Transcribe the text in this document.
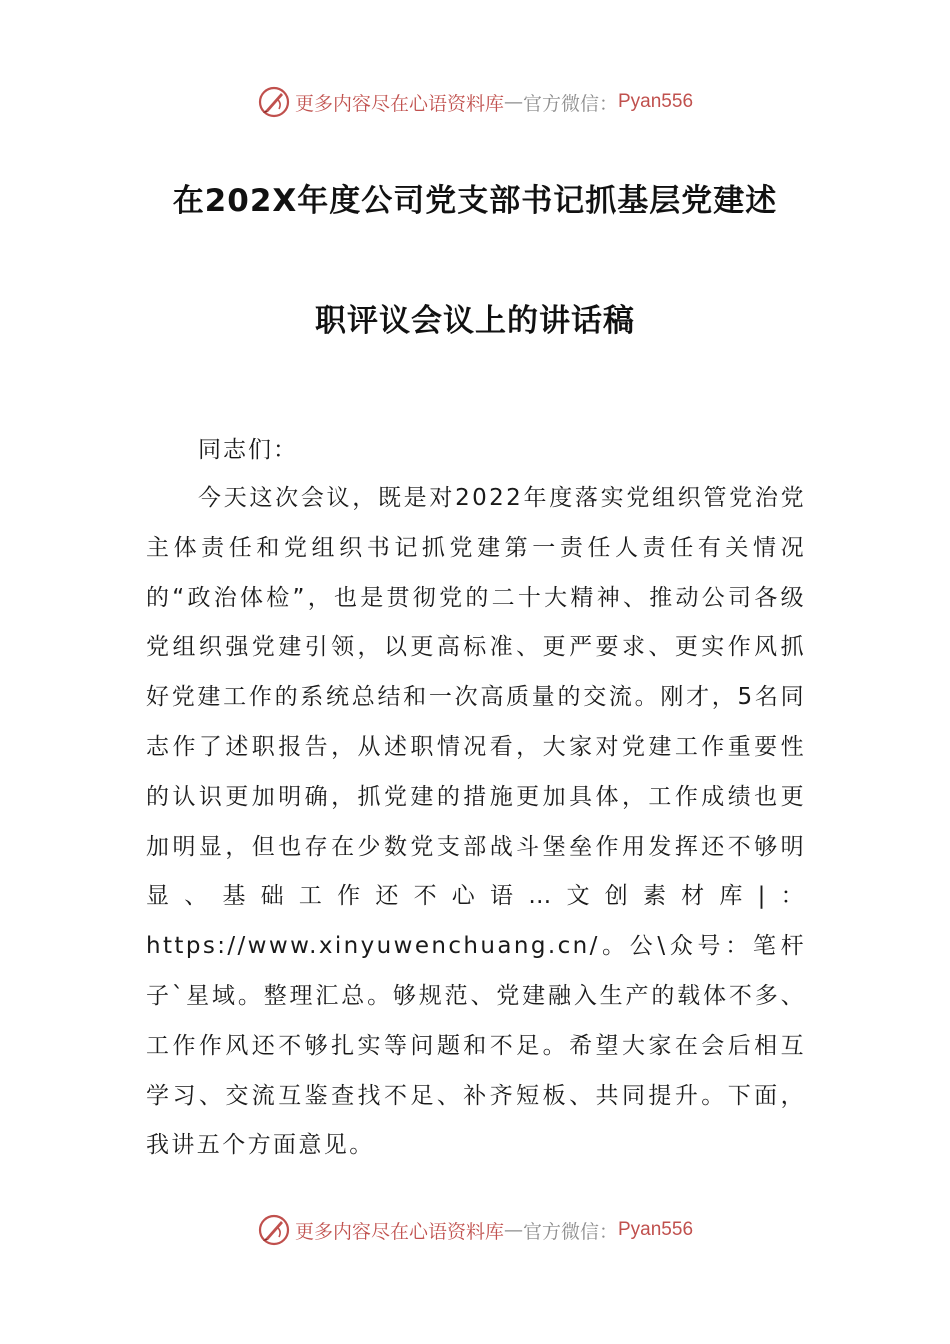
更多内容尽在心语资料库 — 官方微信： Pyan556
在202X年度公司党支部书记抓基层党建述
职评议会议上的讲话稿
同志们：
今天这次会议，既是对2022年度落实党组织管党治党主体责任和党组织书记抓党建第一责任人责任有关情况的“政治体检”，也是贯彻党的二十大精神、推动公司各级党组织强党建引领，以更高标准、更严要求、更实作风抓好党建工作的系统总结和一次高质量的交流。刚才，5名同志作了述职报告，从述职情况看，大家对党建工作重要性的认识更加明确，抓党建的措施更加具体，工作成绩也更加明显，但也存在少数党支部战斗堡垒作用发挥还不够明显、基础工作还不心语…文创素材库|：https://www.xinyuwenchuang.cn/。公\众号：笔杆子`星域。整理汇总。够规范、党建融入生产的载体不多、工作作风还不够扎实等问题和不足。希望大家在会后相互学习、交流互鉴查找不足、补齐短板、共同提升。下面，我讲五个方面意见。
更多内容尽在心语资料库 — 官方微信： Pyan556
